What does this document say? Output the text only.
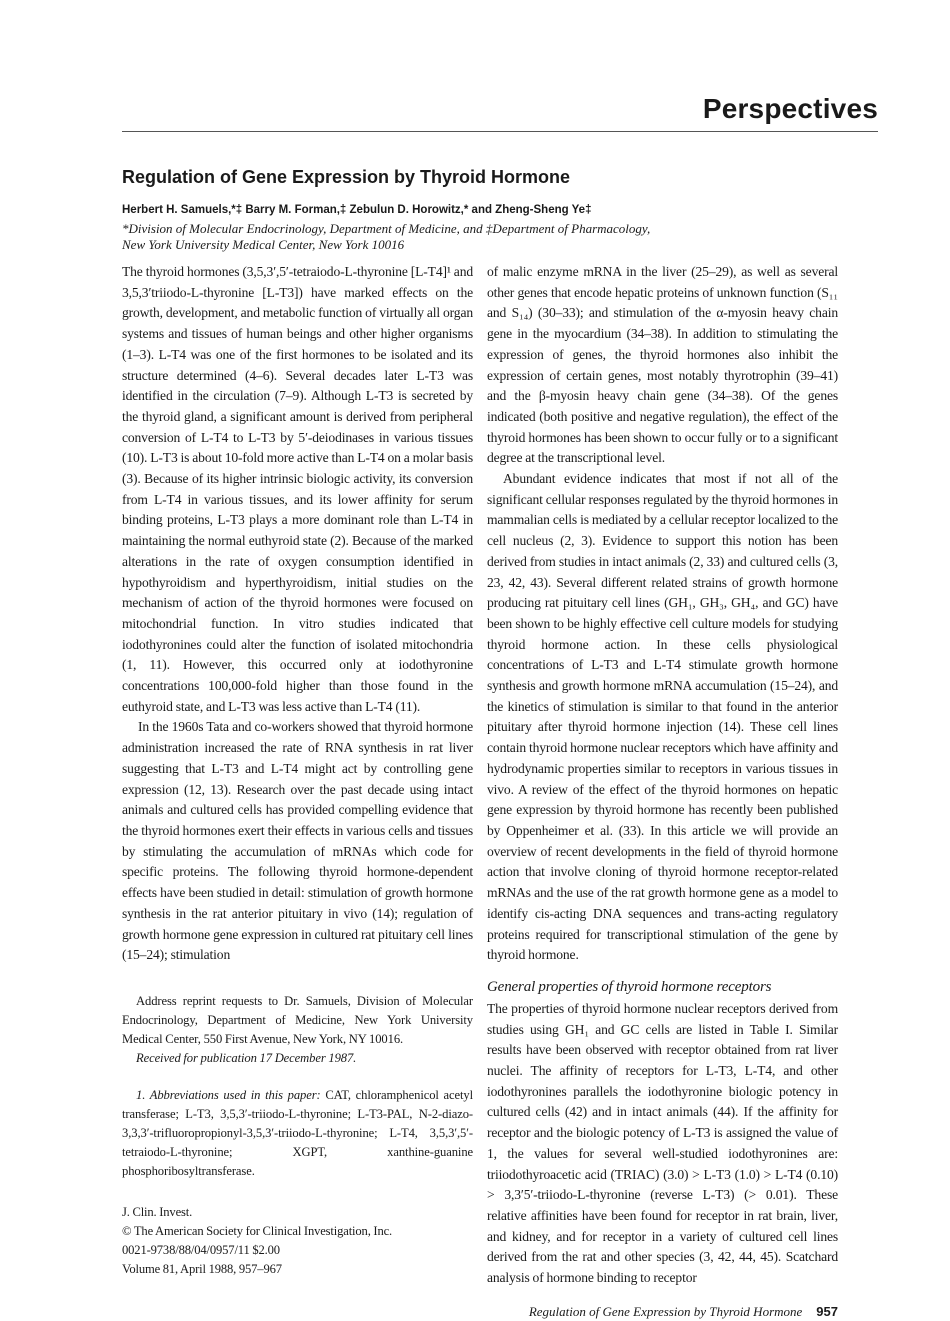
Perspectives
Regulation of Gene Expression by Thyroid Hormone
Herbert H. Samuels,*‡ Barry M. Forman,‡ Zebulun D. Horowitz,* and Zheng-Sheng Ye‡
*Division of Molecular Endocrinology, Department of Medicine, and ‡Department of Pharmacology,
New York University Medical Center, New York 10016

The thyroid hormones (3,5,3′,5′-tetraiodo-L-thyronine [L-T4]¹ and 3,5,3′triiodo-L-thyronine [L-T3]) have marked effects on the growth, development, and metabolic function of virtually all organ systems and tissues of human beings and other higher organisms (1–3). L-T4 was one of the first hormones to be isolated and its structure determined (4–6). Several decades later L-T3 was identified in the circulation (7–9). Although L-T3 is secreted by the thyroid gland, a significant amount is derived from peripheral conversion of L-T4 to L-T3 by 5′-deiodinases in various tissues (10). L-T3 is about 10-fold more active than L-T4 on a molar basis (3). Because of its higher intrinsic biologic activity, its conversion from L-T4 in various tissues, and its lower affinity for serum binding proteins, L-T3 plays a more dominant role than L-T4 in maintaining the normal euthyroid state (2). Because of the marked alterations in the rate of oxygen consumption identified in hypothyroidism and hyperthyroidism, initial studies on the mechanism of action of the thyroid hormones were focused on mitochondrial function. In vitro studies indicated that iodothyronines could alter the function of isolated mitochondria (1, 11). However, this occurred only at iodothyronine concentrations 100,000-fold higher than those found in the euthyroid state, and L-T3 was less active than L-T4 (11).

In the 1960s Tata and co-workers showed that thyroid hormone administration increased the rate of RNA synthesis in rat liver suggesting that L-T3 and L-T4 might act by controlling gene expression (12, 13). Research over the past decade using intact animals and cultured cells has provided compelling evidence that the thyroid hormones exert their effects in various cells and tissues by stimulating the accumulation of mRNAs which code for specific proteins. The following thyroid hormone-dependent effects have been studied in detail: stimulation of growth hormone synthesis in the rat anterior pituitary in vivo (14); regulation of growth hormone gene expression in cultured rat pituitary cell lines (15–24); stimulation

Address reprint requests to Dr. Samuels, Division of Molecular Endocrinology, Department of Medicine, New York University Medical Center, 550 First Avenue, New York, NY 10016.

Received for publication 17 December 1987.

1. Abbreviations used in this paper: CAT, chloramphenicol acetyl transferase; L-T3, 3,5,3′-triiodo-L-thyronine; L-T3-PAL, N-2-diazo-3,3,3′-trifluoropropionyl-3,5,3′-triiodo-L-thyronine; L-T4, 3,5,3′,5′-tetraiodo-L-thyronine; XGPT, xanthine-guanine phosphoribosyltransferase.

J. Clin. Invest.
© The American Society for Clinical Investigation, Inc.
0021-9738/88/04/0957/11 $2.00
Volume 81, April 1988, 957–967

of malic enzyme mRNA in the liver (25–29), as well as several other genes that encode hepatic proteins of unknown function (S₁₁ and S₁₄) (30–33); and stimulation of the α-myosin heavy chain gene in the myocardium (34–38). In addition to stimulating the expression of genes, the thyroid hormones also inhibit the expression of certain genes, most notably thyrotrophin (39–41) and the β-myosin heavy chain gene (34–38). Of the genes indicated (both positive and negative regulation), the effect of the thyroid hormones has been shown to occur fully or to a significant degree at the transcriptional level.

Abundant evidence indicates that most if not all of the significant cellular responses regulated by the thyroid hormones in mammalian cells is mediated by a cellular receptor localized to the cell nucleus (2, 3). Evidence to support this notion has been derived from studies in intact animals (2, 33) and cultured cells (3, 23, 42, 43). Several different related strains of growth hormone producing rat pituitary cell lines (GH₁, GH₃, GH₄, and GC) have been shown to be highly effective cell culture models for studying thyroid hormone action. In these cells physiological concentrations of L-T3 and L-T4 stimulate growth hormone synthesis and growth hormone mRNA accumulation (15–24), and the kinetics of stimulation is similar to that found in the anterior pituitary after thyroid hormone injection (14). These cell lines contain thyroid hormone nuclear receptors which have affinity and hydrodynamic properties similar to receptors in various tissues in vivo. A review of the effect of the thyroid hormones on hepatic gene expression by thyroid hormone has recently been published by Oppenheimer et al. (33). In this article we will provide an overview of recent developments in the field of thyroid hormone action that involve cloning of thyroid hormone receptor-related mRNAs and the use of the rat growth hormone gene as a model to identify cis-acting DNA sequences and trans-acting regulatory proteins required for transcriptional stimulation of the gene by thyroid hormone.

General properties of thyroid hormone receptors

The properties of thyroid hormone nuclear receptors derived from studies using GH₁ and GC cells are listed in Table I. Similar results have been observed with receptor obtained from rat liver nuclei. The affinity of receptors for L-T3, L-T4, and other iodothyronines parallels the iodothyronine biologic potency in cultured cells (42) and in intact animals (44). If the affinity for receptor and the biologic potency of L-T3 is assigned the value of 1, the values for several well-studied iodothyronines are: triiodothyroacetic acid (TRIAC) (3.0) > L-T3 (1.0) > L-T4 (0.10) > 3,3′5′-triiodo-L-thyronine (reverse L-T3) (> 0.01). These relative affinities have been found for receptor in rat brain, liver, and kidney, and for receptor in a variety of cultured cell lines derived from the rat and other species (3, 42, 44, 45). Scatchard analysis of hormone binding to receptor

Regulation of Gene Expression by Thyroid Hormone 957
